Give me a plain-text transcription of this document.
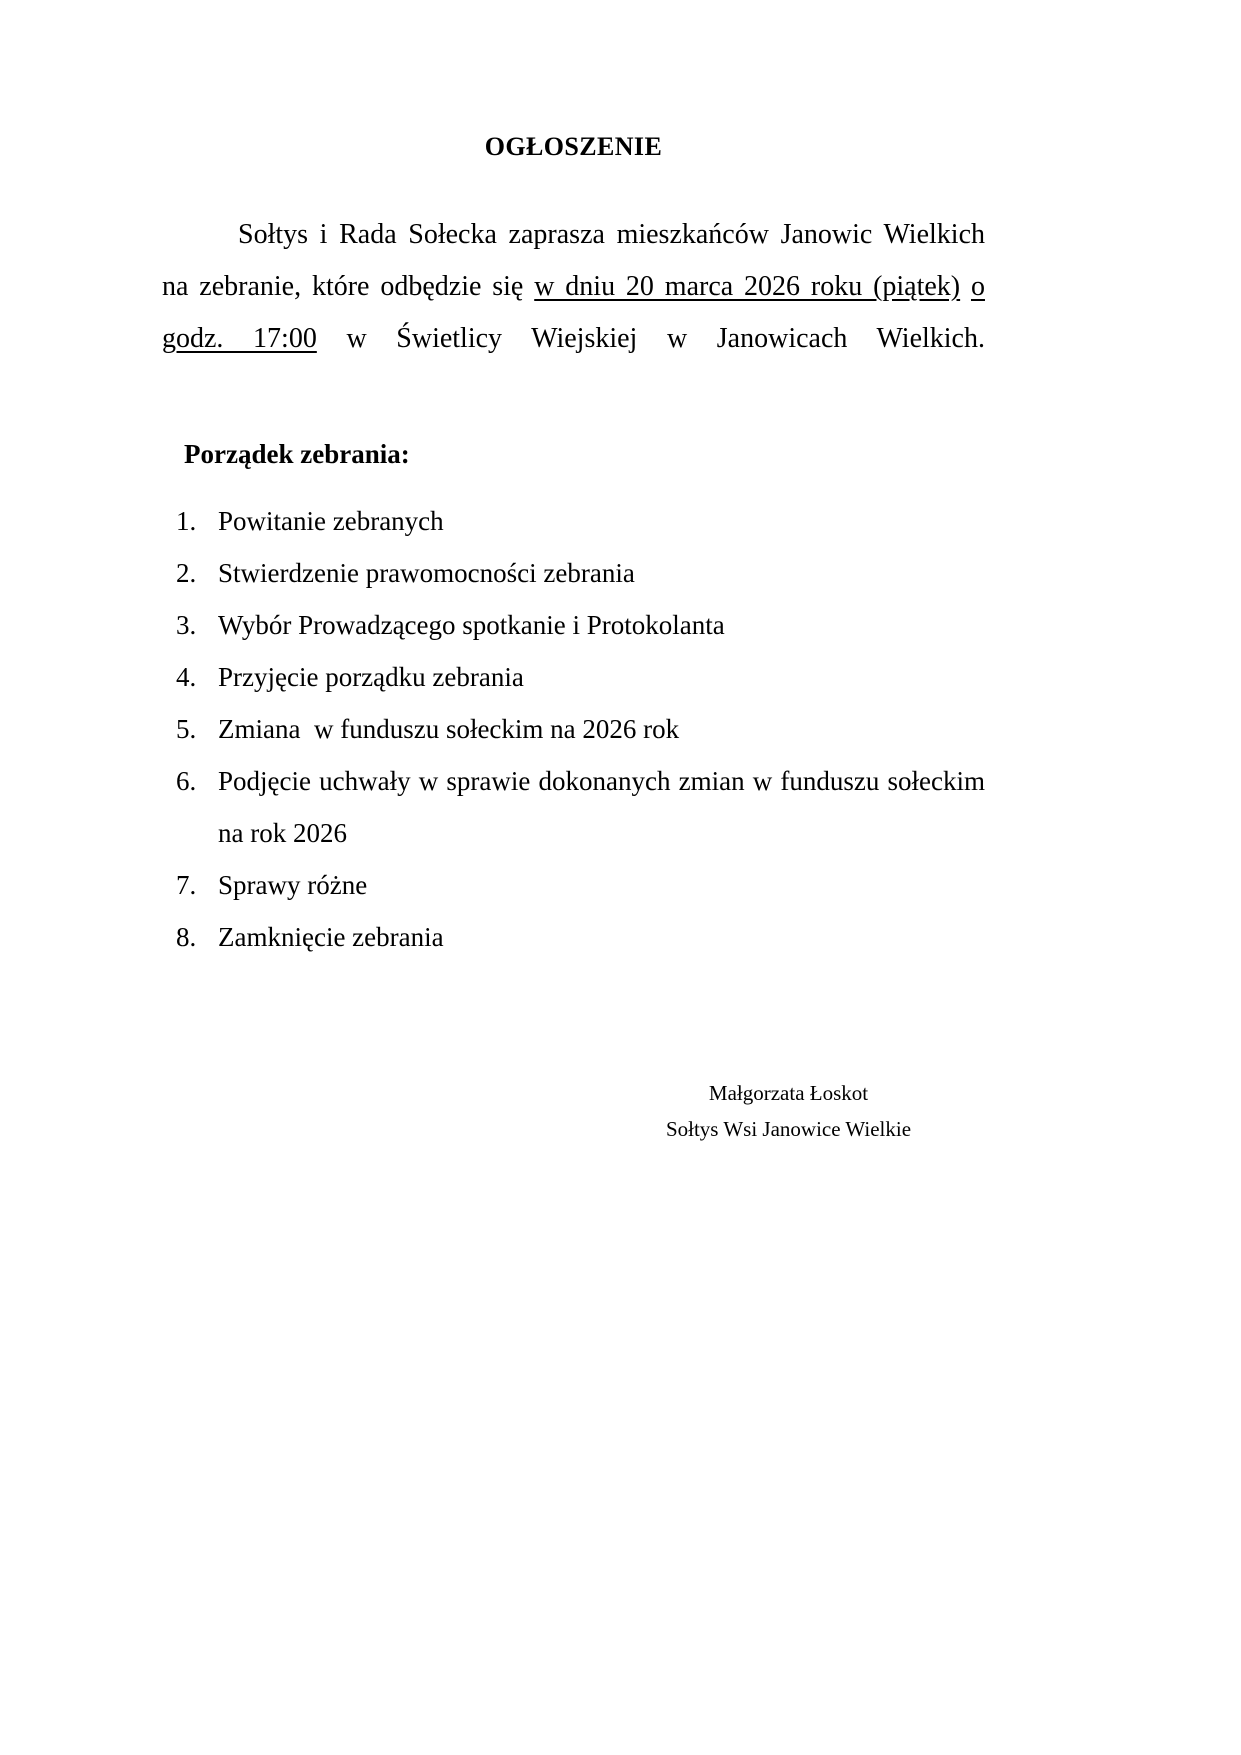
OGŁOSZENIE

Sołtys i Rada Sołecka zaprasza mieszkańców Janowic Wielkich na zebranie, które odbędzie się w dniu 20 marca 2026 roku (piątek) o godz. 17:00 w Świetlicy Wiejskiej w Janowicach Wielkich.

Porządek zebrania:
1. Powitanie zebranych
2. Stwierdzenie prawomocności zebrania
3. Wybór Prowadzącego spotkanie i Protokolanta
4. Przyjęcie porządku zebrania
5. Zmiana  w funduszu sołeckim na 2026 rok
6. Podjęcie uchwały w sprawie dokonanych zmian w funduszu sołeckim na rok 2026
7. Sprawy różne
8. Zamknięcie zebrania
Małgorzata Łoskot
Sołtys Wsi Janowice Wielkie
